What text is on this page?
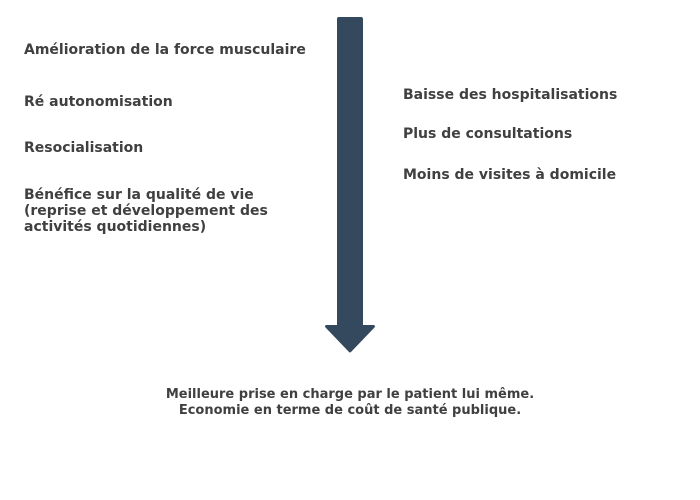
Amélioration de la force musculaire

Ré autonomisation

Resocialisation

Bénéfice sur la qualité de vie
(reprise et développement des
activités quotidiennes)

Baisse des hospitalisations

Plus de consultations

Moins de visites à domicile

Meilleure prise en charge par le patient lui même.
Economie en terme de coût de santé publique.
